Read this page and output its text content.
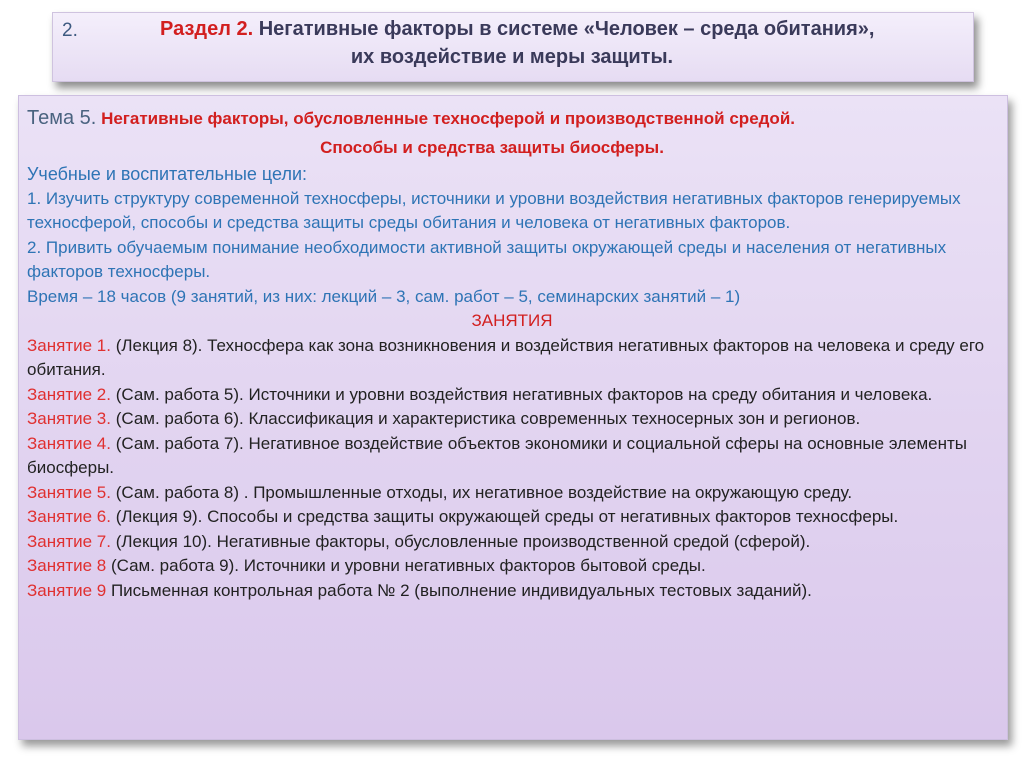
2.	Раздел 2. Негативные факторы в системе «Человек – среда обитания»,
их воздействие и меры защиты.
Тема 5. Негативные факторы, обусловленные техносферой и производственной средой.
Способы и средства защиты биосферы.
Учебные и воспитательные цели:
1. Изучить структуру современной техносферы, источники и уровни воздействия негативных факторов генерируемых техносферой, способы и средства защиты среды обитания и человека от негативных факторов.
2. Привить обучаемым понимание необходимости активной защиты окружающей среды и населения от негативных факторов техносферы.
Время – 18 часов (9 занятий, из них: лекций – 3, сам. работ – 5, семинарских занятий – 1)
ЗАНЯТИЯ
Занятие 1. (Лекция 8). Техносфера как зона возникновения и воздействия негативных факторов на человека и среду его обитания.
Занятие 2. (Сам. работа 5). Источники и уровни воздействия негативных факторов на среду обитания и человека.
Занятие 3. (Сам. работа 6). Классификация и характеристика современных техносерных зон и регионов.
Занятие 4. (Сам. работа 7). Негативное воздействие объектов экономики и социальной сферы на основные элементы биосферы.
Занятие 5. (Сам. работа 8) . Промышленные отходы, их негативное воздействие на окружающую среду.
Занятие 6. (Лекция 9). Способы и средства защиты окружающей среды от негативных факторов техносферы.
Занятие 7. (Лекция 10). Негативные факторы, обусловленные производственной средой (сферой).
Занятие 8 (Сам. работа 9). Источники и уровни негативных факторов бытовой среды.
Занятие 9 Письменная контрольная работа № 2 (выполнение индивидуальных тестовых заданий).
